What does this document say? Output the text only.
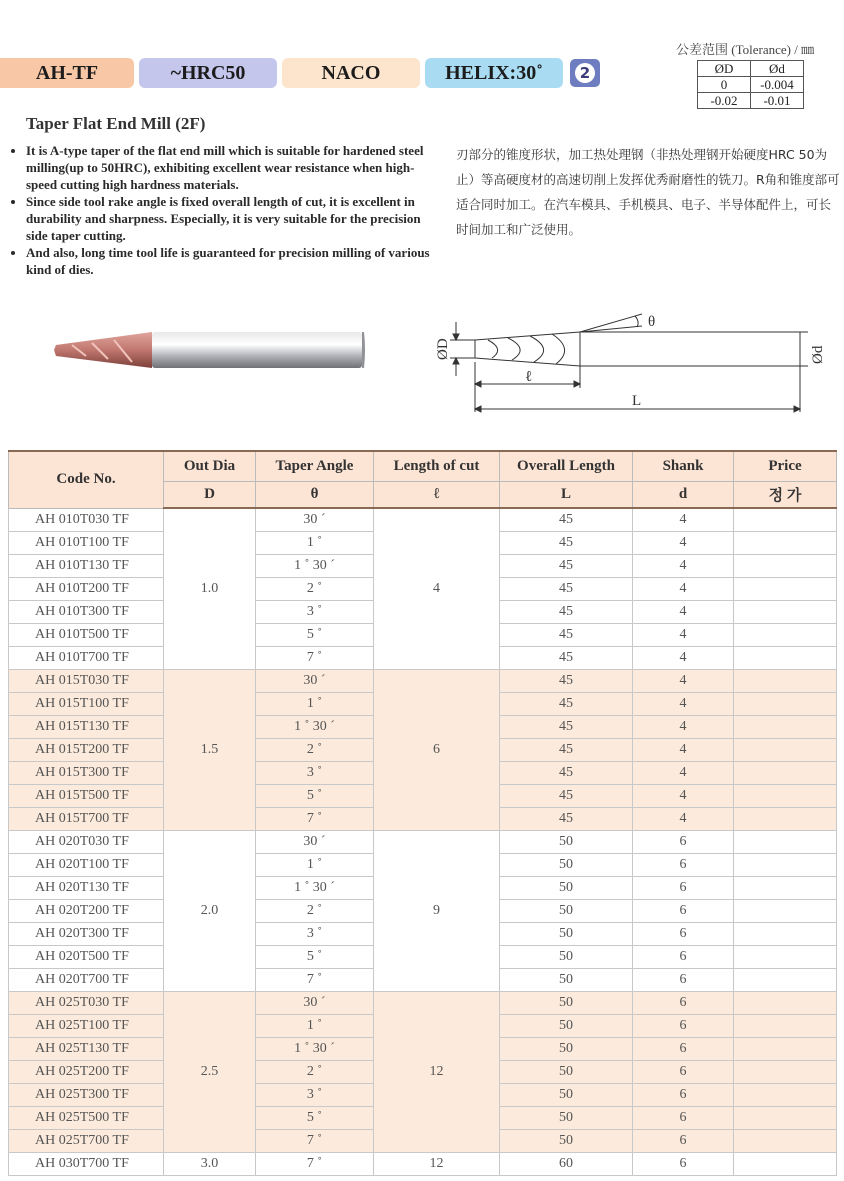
AH-TF	~HRC50	NACO	HELIX:30˚	2
公差范围 (Tolerance) / ㎜
ØD	Ød
0	-0.004
-0.02	-0.01
Taper Flat End Mill (2F)
• It is A-type taper of the flat end mill which is suitable for hardened steel milling(up to 50HRC), exhibiting excellent wear resistance when high-speed cutting high hardness materials.
• Since side tool rake angle is fixed overall length of cut, it is excellent in durability and sharpness. Especially, it is very suitable for the precision side taper cutting.
• And also, long time tool life is guaranteed for precision milling of various kind of dies.
刃部分的锥度形状，加工热处理钢（非热处理钢开始硬度HRC 50为止）等高硬度材的高速切削上发挥优秀耐磨性的铣刀。R角和锥度部可适合同时加工。在汽车模具、手机模具、电子、半导体配件上，可长时间加工和广泛使用。
ØD
θ
ℓ
L
Ød
Code No.	Out Dia	Taper Angle	Length of cut	Overall Length	Shank	Price
	D	θ	ℓ	L	d	정 가
AH 010T030 TF	1.0	30 ´	4	45	4	
AH 010T100 TF		1 ˚		45	4	
AH 010T130 TF		1 ˚ 30 ´		45	4	
AH 010T200 TF		2 ˚		45	4	
AH 010T300 TF		3 ˚		45	4	
AH 010T500 TF		5 ˚		45	4	
AH 010T700 TF		7 ˚		45	4	
AH 015T030 TF	1.5	30 ´	6	45	4	
AH 015T100 TF		1 ˚		45	4	
AH 015T130 TF		1 ˚ 30 ´		45	4	
AH 015T200 TF		2 ˚		45	4	
AH 015T300 TF		3 ˚		45	4	
AH 015T500 TF		5 ˚		45	4	
AH 015T700 TF		7 ˚		45	4	
AH 020T030 TF	2.0	30 ´	9	50	6	
AH 020T100 TF		1 ˚		50	6	
AH 020T130 TF		1 ˚ 30 ´		50	6	
AH 020T200 TF		2 ˚		50	6	
AH 020T300 TF		3 ˚		50	6	
AH 020T500 TF		5 ˚		50	6	
AH 020T700 TF		7 ˚		50	6	
AH 025T030 TF	2.5	30 ´	12	50	6	
AH 025T100 TF		1 ˚		50	6	
AH 025T130 TF		1 ˚ 30 ´		50	6	
AH 025T200 TF		2 ˚		50	6	
AH 025T300 TF		3 ˚		50	6	
AH 025T500 TF		5 ˚		50	6	
AH 025T700 TF		7 ˚		50	6	
AH 030T700 TF	3.0	7 ˚	12	60	6	
